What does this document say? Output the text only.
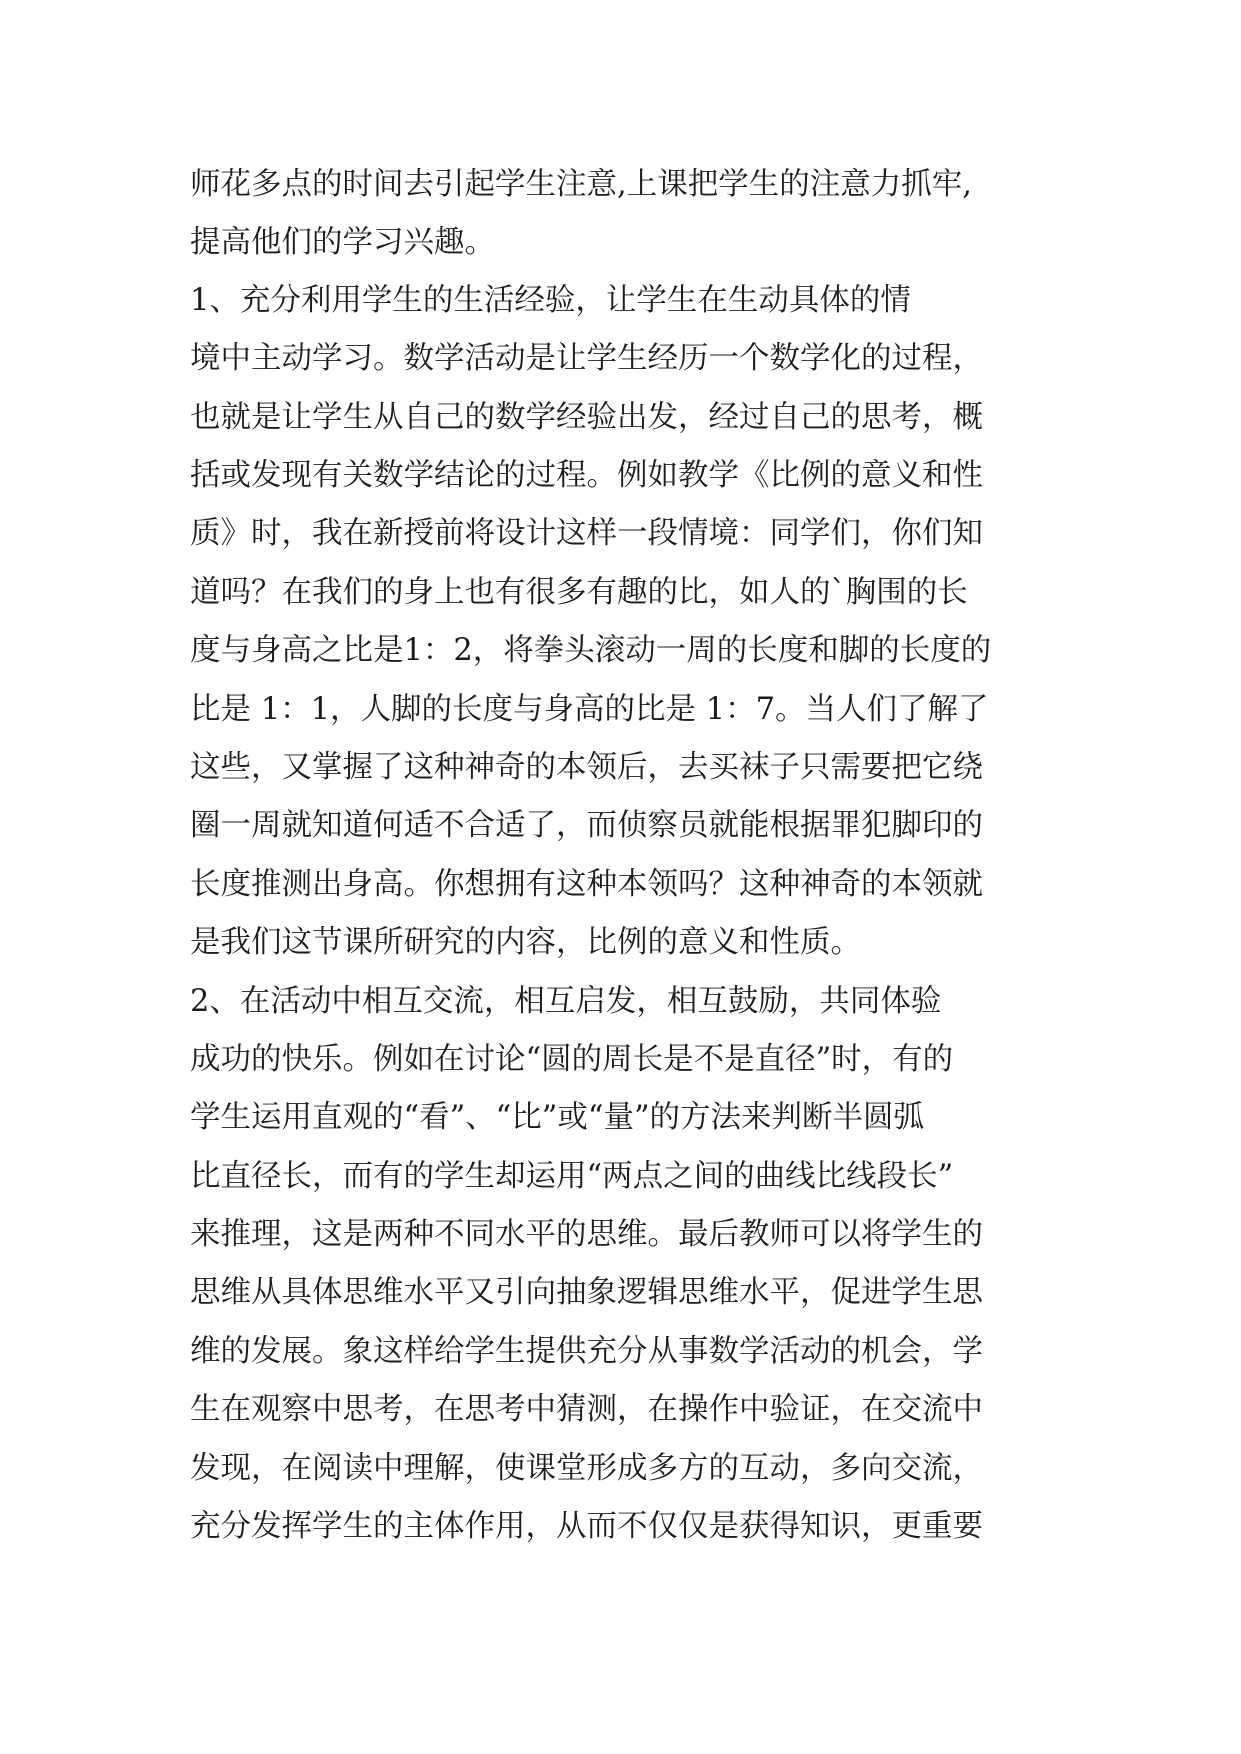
师花多点的时间去引起学生注意,上课把学生的注意力抓牢,

提高他们的学习兴趣。

1、充分利用学生的生活经验，让学生在生动具体的情

境中主动学习。数学活动是让学生经历一个数学化的过程，

也就是让学生从自己的数学经验出发，经过自己的思考，概

括或发现有关数学结论的过程。例如教学《比例的意义和性

质》时，我在新授前将设计这样一段情境：同学们，你们知

道吗？在我们的身上也有很多有趣的比，如人的`胸围的长

度与身高之比是1：2，将拳头滚动一周的长度和脚的长度的

比是 1：1，人脚的长度与身高的比是 1：7。当人们了解了

这些，又掌握了这种神奇的本领后，去买袜子只需要把它绕

圈一周就知道何适不合适了，而侦察员就能根据罪犯脚印的

长度推测出身高。你想拥有这种本领吗？这种神奇的本领就

是我们这节课所研究的内容，比例的意义和性质。

2、在活动中相互交流，相互启发，相互鼓励，共同体验

成功的快乐。例如在讨论“圆的周长是不是直径”时，有的

学生运用直观的“看”、“比”或“量”的方法来判断半圆弧

比直径长，而有的学生却运用“两点之间的曲线比线段长”

来推理，这是两种不同水平的思维。最后教师可以将学生的

思维从具体思维水平又引向抽象逻辑思维水平，促进学生思

维的发展。象这样给学生提供充分从事数学活动的机会，学

生在观察中思考，在思考中猜测，在操作中验证，在交流中

发现，在阅读中理解，使课堂形成多方的互动，多向交流，

充分发挥学生的主体作用，从而不仅仅是获得知识，更重要
